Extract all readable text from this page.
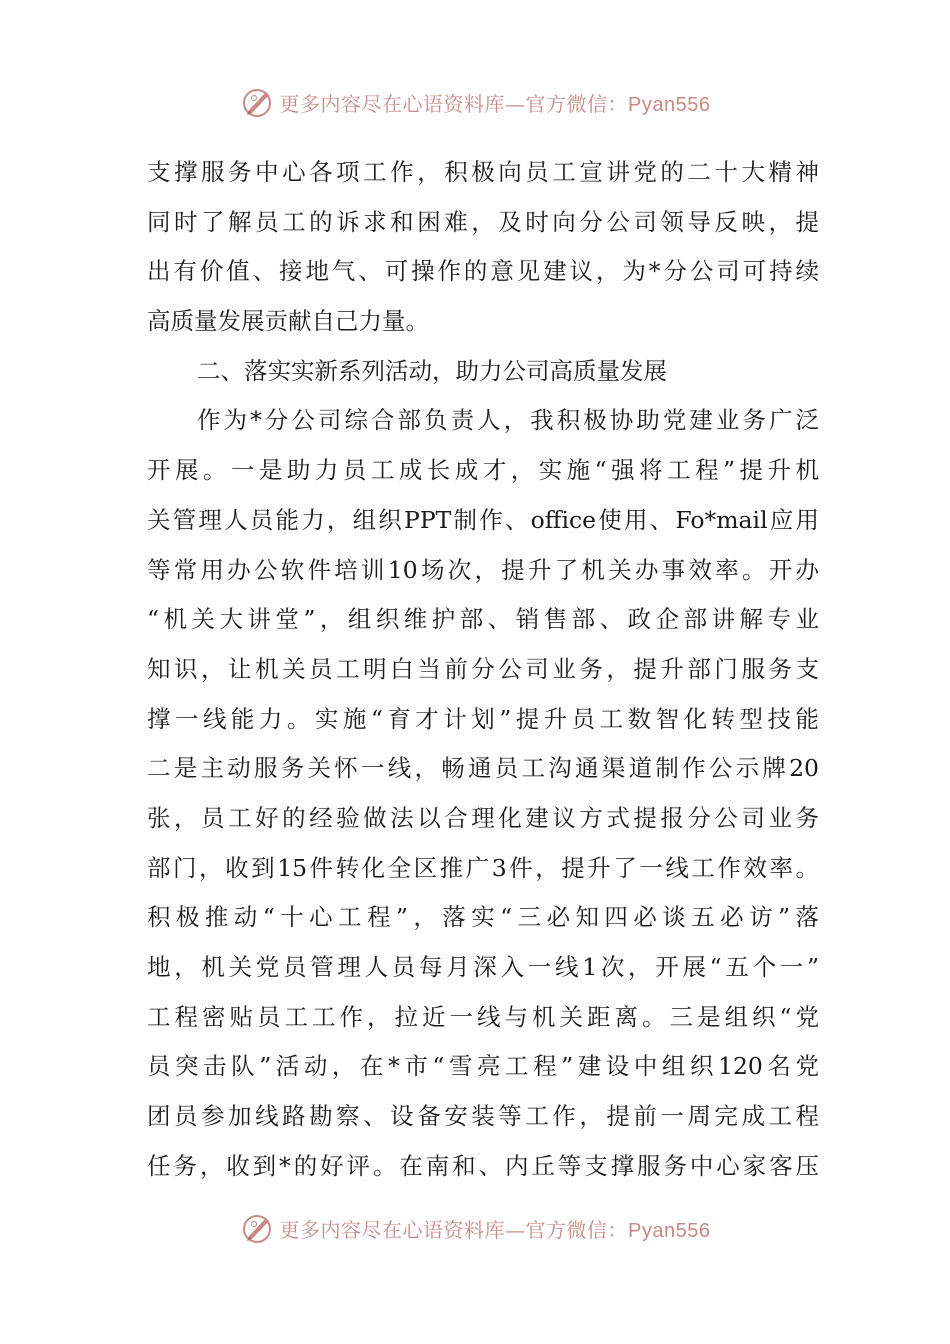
更多内容尽在心语资料库—官方微信：Pyan556
支撑服务中心各项工作，积极向员工宣讲党的二十大精神
同时了解员工的诉求和困难，及时向分公司领导反映，提
出有价值、接地气、可操作的意见建议，为*分公司可持续
高质量发展贡献自己力量。
二、落实实新系列活动，助力公司高质量发展
作为*分公司综合部负责人，我积极协助党建业务广泛
开展。一是助力员工成长成才，实施“强将工程”提升机
关管理人员能力，组织PPT制作、office使用、Fo*mail应用
等常用办公软件培训10场次，提升了机关办事效率。开办
“机关大讲堂”，组织维护部、销售部、政企部讲解专业
知识，让机关员工明白当前分公司业务，提升部门服务支
撑一线能力。实施“育才计划”提升员工数智化转型技能
二是主动服务关怀一线，畅通员工沟通渠道制作公示牌20
张，员工好的经验做法以合理化建议方式提报分公司业务
部门，收到15件转化全区推广3件，提升了一线工作效率。
积极推动“十心工程”，落实“三必知四必谈五必访”落
地，机关党员管理人员每月深入一线1次，开展“五个一”
工程密贴员工工作，拉近一线与机关距离。三是组织“党
员突击队”活动，在*市“雪亮工程”建设中组织120名党
团员参加线路勘察、设备安装等工作，提前一周完成工程
任务，收到*的好评。在南和、内丘等支撑服务中心家客压
更多内容尽在心语资料库—官方微信：Pyan556
